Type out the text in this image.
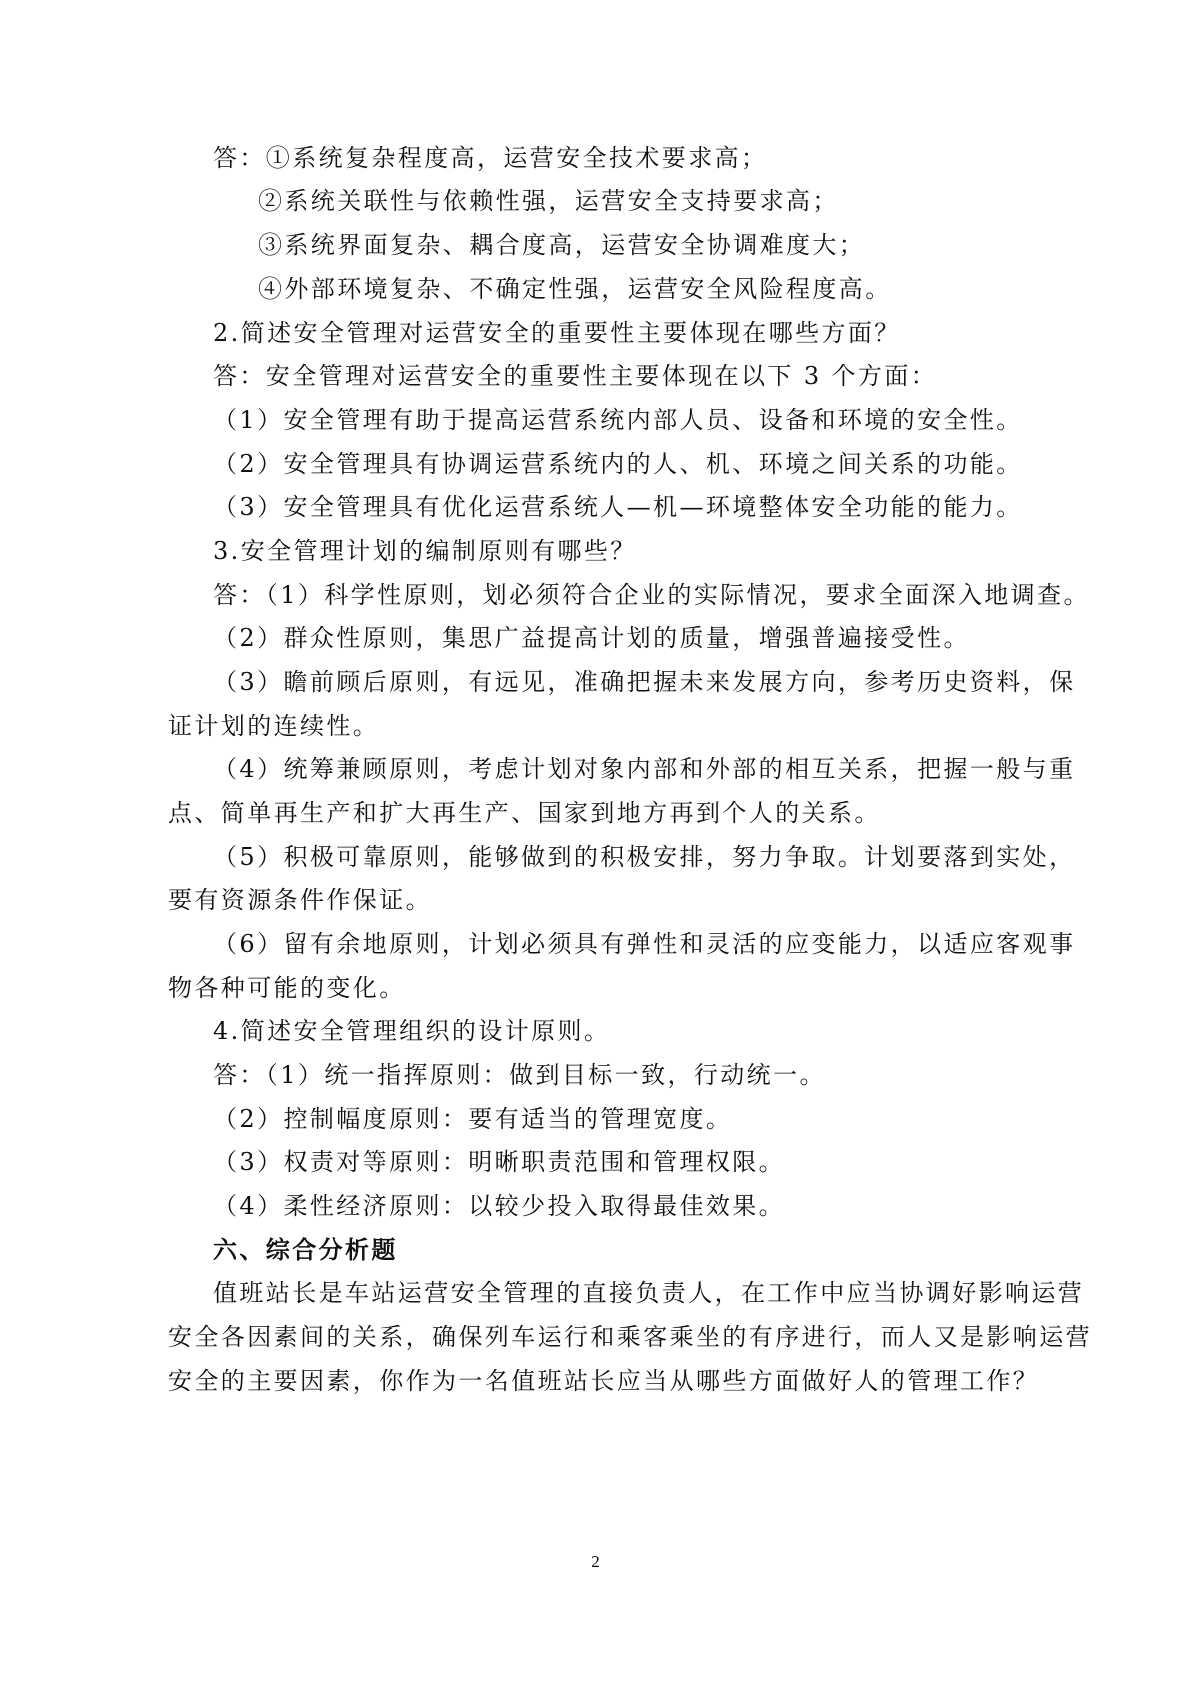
答：①系统复杂程度高，运营安全技术要求高；
②系统关联性与依赖性强，运营安全支持要求高；
③系统界面复杂、耦合度高，运营安全协调难度大；
④外部环境复杂、不确定性强，运营安全风险程度高。
2.简述安全管理对运营安全的重要性主要体现在哪些方面？
答：安全管理对运营安全的重要性主要体现在以下 3 个方面：
（1）安全管理有助于提高运营系统内部人员、设备和环境的安全性。
（2）安全管理具有协调运营系统内的人、机、环境之间关系的功能。
（3）安全管理具有优化运营系统人—机—环境整体安全功能的能力。
3.安全管理计划的编制原则有哪些？
答：（1）科学性原则，划必须符合企业的实际情况，要求全面深入地调查。
（2）群众性原则，集思广益提高计划的质量，增强普遍接受性。
（3）瞻前顾后原则，有远见，准确把握未来发展方向，参考历史资料，保
证计划的连续性。
（4）统筹兼顾原则，考虑计划对象内部和外部的相互关系，把握一般与重
点、简单再生产和扩大再生产、国家到地方再到个人的关系。
（5）积极可靠原则，能够做到的积极安排，努力争取。计划要落到实处，
要有资源条件作保证。
（6）留有余地原则，计划必须具有弹性和灵活的应变能力，以适应客观事
物各种可能的变化。
4.简述安全管理组织的设计原则。
答：（1）统一指挥原则：做到目标一致，行动统一。
（2）控制幅度原则：要有适当的管理宽度。
（3）权责对等原则：明晰职责范围和管理权限。
（4）柔性经济原则：以较少投入取得最佳效果。
六、综合分析题
值班站长是车站运营安全管理的直接负责人，在工作中应当协调好影响运营
安全各因素间的关系，确保列车运行和乘客乘坐的有序进行，而人又是影响运营
安全的主要因素，你作为一名值班站长应当从哪些方面做好人的管理工作？
2
